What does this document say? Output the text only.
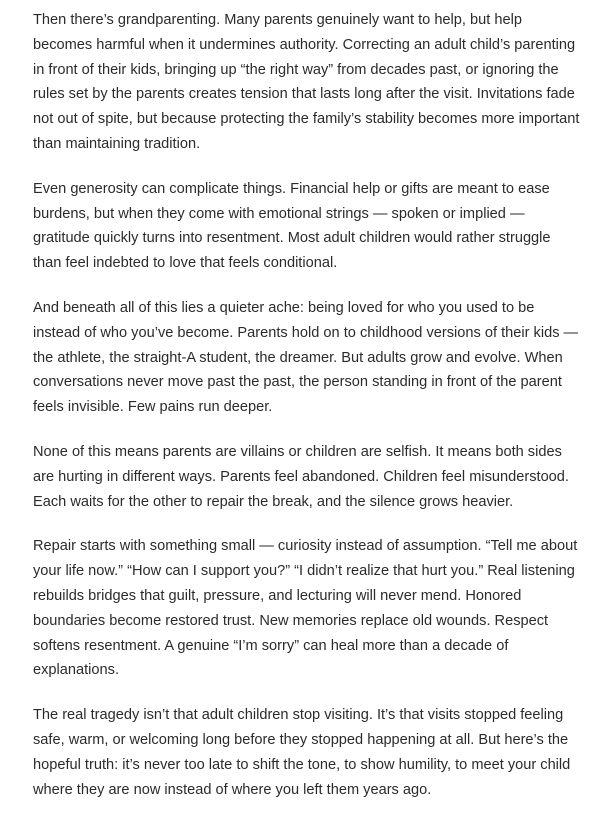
Then there’s grandparenting. Many parents genuinely want to help, but help becomes harmful when it undermines authority. Correcting an adult child’s parenting in front of their kids, bringing up “the right way” from decades past, or ignoring the rules set by the parents creates tension that lasts long after the visit. Invitations fade not out of spite, but because protecting the family’s stability becomes more important than maintaining tradition.

Even generosity can complicate things. Financial help or gifts are meant to ease burdens, but when they come with emotional strings — spoken or implied — gratitude quickly turns into resentment. Most adult children would rather struggle than feel indebted to love that feels conditional.

And beneath all of this lies a quieter ache: being loved for who you used to be instead of who you’ve become. Parents hold on to childhood versions of their kids — the athlete, the straight-A student, the dreamer. But adults grow and evolve. When conversations never move past the past, the person standing in front of the parent feels invisible. Few pains run deeper.

None of this means parents are villains or children are selfish. It means both sides are hurting in different ways. Parents feel abandoned. Children feel misunderstood. Each waits for the other to repair the break, and the silence grows heavier.

Repair starts with something small — curiosity instead of assumption. “Tell me about your life now.” “How can I support you?” “I didn’t realize that hurt you.” Real listening rebuilds bridges that guilt, pressure, and lecturing will never mend. Honored boundaries become restored trust. New memories replace old wounds. Respect softens resentment. A genuine “I’m sorry” can heal more than a decade of explanations.

The real tragedy isn’t that adult children stop visiting. It’s that visits stopped feeling safe, warm, or welcoming long before they stopped happening at all. But here’s the hopeful truth: it’s never too late to shift the tone, to show humility, to meet your child where they are now instead of where you left them years ago.
